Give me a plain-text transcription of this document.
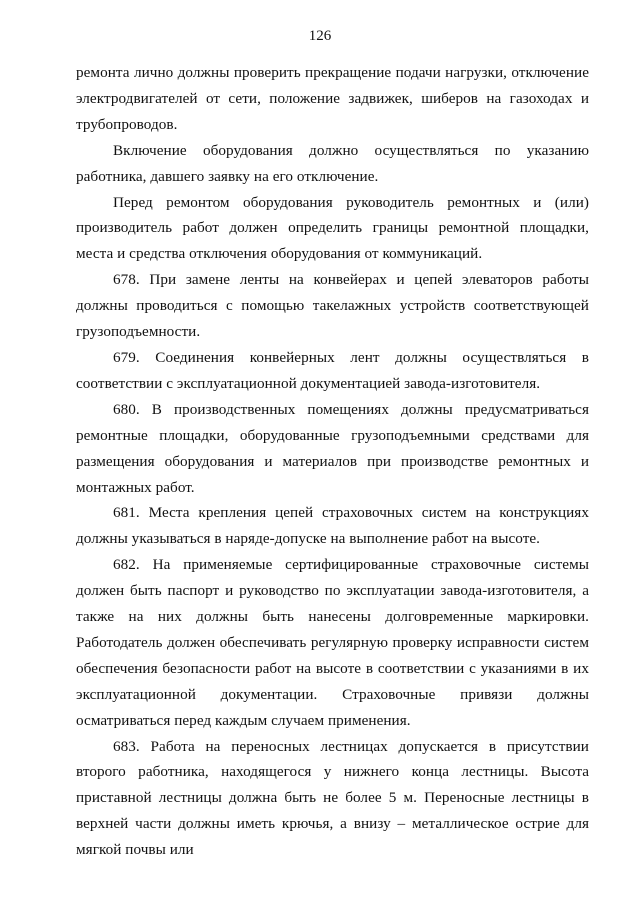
126

ремонта лично должны проверить прекращение подачи нагрузки, отключение электродвигателей от сети, положение задвижек, шиберов на газоходах и трубопроводов.

Включение оборудования должно осуществляться по указанию работника, давшего заявку на его отключение.

Перед ремонтом оборудования руководитель ремонтных и (или) производитель работ должен определить границы ремонтной площадки, места и средства отключения оборудования от коммуникаций.

678. При замене ленты на конвейерах и цепей элеваторов работы должны проводиться с помощью такелажных устройств соответствующей грузоподъемности.

679. Соединения конвейерных лент должны осуществляться в соответствии с эксплуатационной документацией завода-изготовителя.

680. В производственных помещениях должны предусматриваться ремонтные площадки, оборудованные грузоподъемными средствами для размещения оборудования и материалов при производстве ремонтных и монтажных работ.

681. Места крепления цепей страховочных систем на конструкциях должны указываться в наряде-допуске на выполнение работ на высоте.

682. На применяемые сертифицированные страховочные системы должен быть паспорт и руководство по эксплуатации завода-изготовителя, а также на них должны быть нанесены долговременные маркировки. Работодатель должен обеспечивать регулярную проверку исправности систем обеспечения безопасности работ на высоте в соответствии с указаниями в их эксплуатационной документации. Страховочные привязи должны осматриваться перед каждым случаем применения.

683. Работа на переносных лестницах допускается в присутствии второго работника, находящегося у нижнего конца лестницы. Высота приставной лестницы должна быть не более 5 м. Переносные лестницы в верхней части должны иметь крючья, а внизу – металлическое острие для мягкой почвы или
